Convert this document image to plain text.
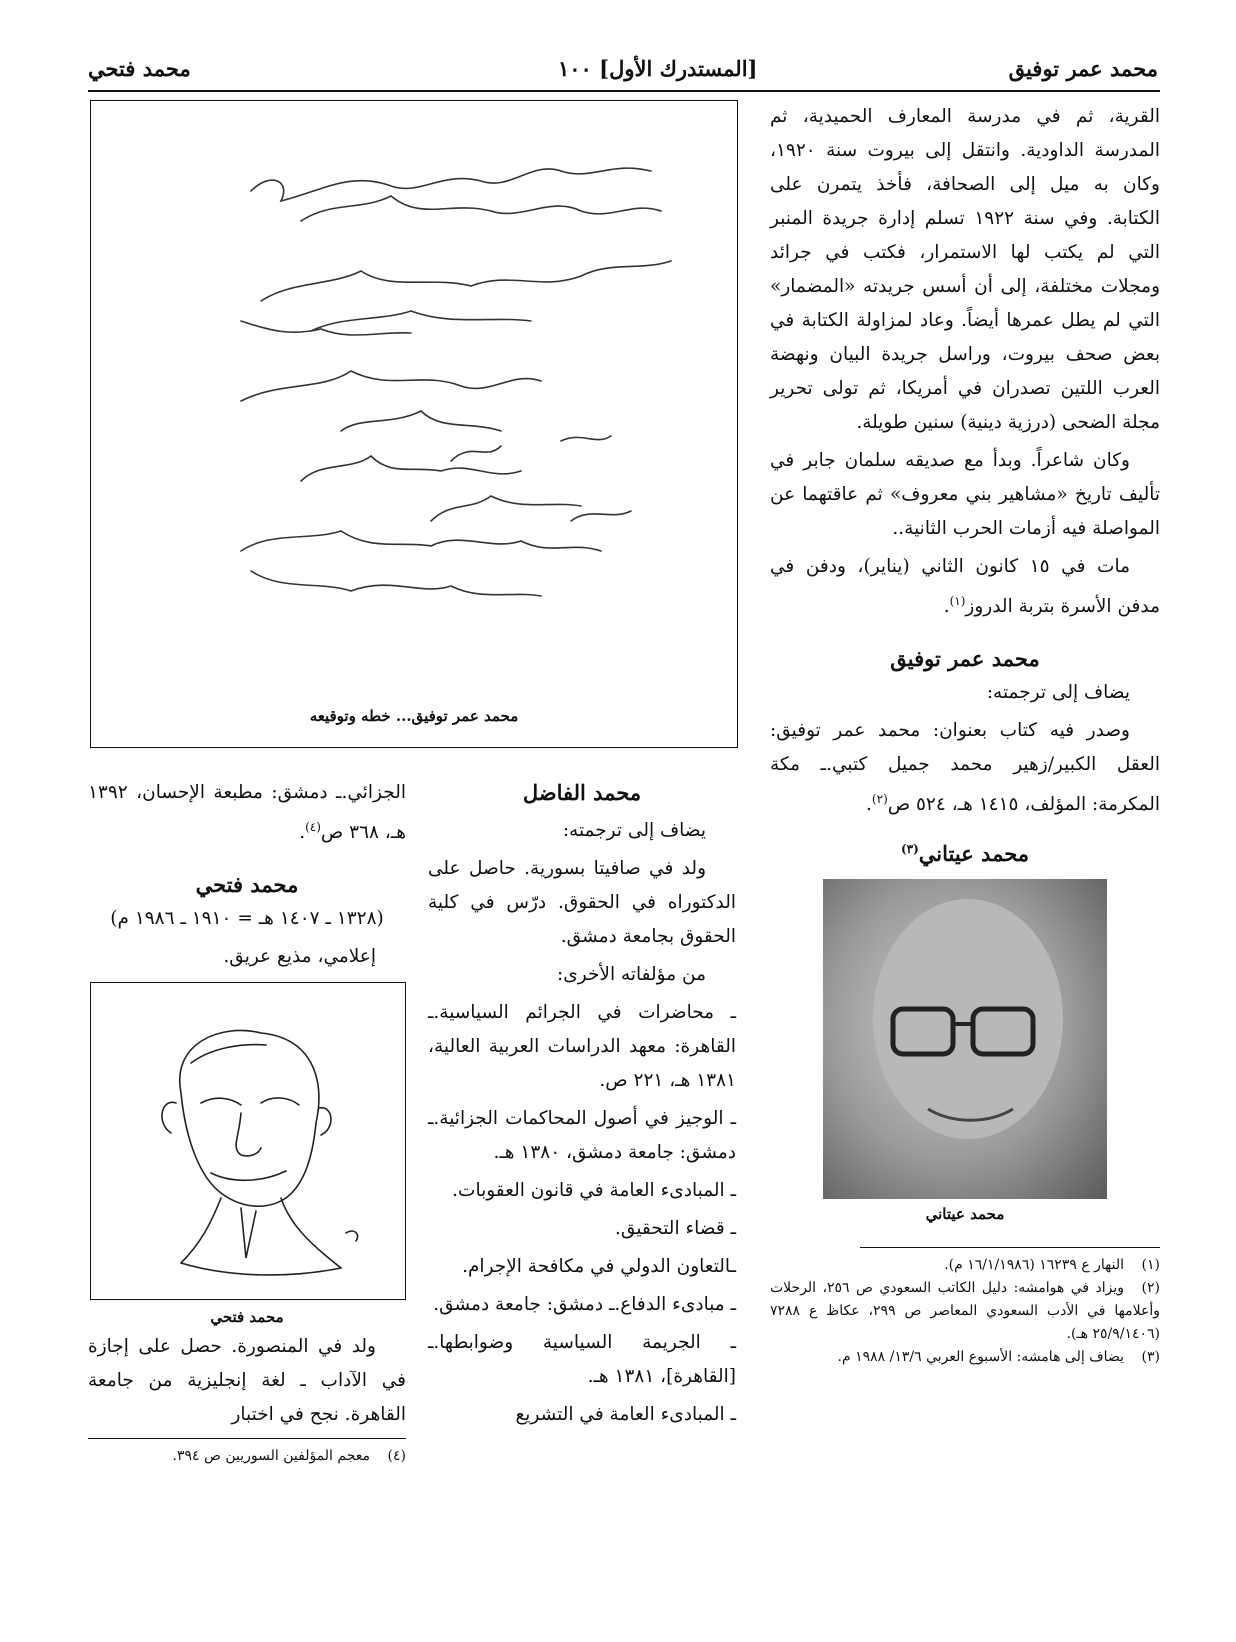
محمد عمر توفيق
[المستدرك الأول] ١٠٠
محمد فتحي
محمد عمر توفيق... خطه وتوقيعه

القرية، ثم في مدرسة المعارف الحميدية، ثم المدرسة الداودية. وانتقل إلى بيروت سنة ١٩٢٠، وكان به ميل إلى الصحافة، فأخذ يتمرن على الكتابة. وفي سنة ١٩٢٢ تسلم إدارة جريدة المنبر التي لم يكتب لها الاستمرار، فكتب في جرائد ومجلات مختلفة، إلى أن أسس جريدته «المضمار» التي لم يطل عمرها أيضاً. وعاد لمزاولة الكتابة في بعض صحف بيروت، وراسل جريدة البيان ونهضة العرب اللتين تصدران في أمريكا، ثم تولى تحرير مجلة الضحى (درزية دينية) سنين طويلة.

وكان شاعراً. وبدأ مع صديقه سلمان جابر في تأليف تاريخ «مشاهير بني معروف» ثم عاقتهما عن المواصلة فيه أزمات الحرب الثانية..

مات في ١٥ كانون الثاني (يناير)، ودفن في مدفن الأسرة بتربة الدروز$^{(١)}$.

محمد عمر توفيق

يضاف إلى ترجمته:

وصدر فيه كتاب بعنوان: محمد عمر توفيق: العقل الكبير/زهير محمد جميل كتبي.ـ مكة المكرمة: المؤلف، ١٤١٥ هـ، ٥٢٤ ص$^{(٢)}$.

محمد عيتاني$^{(٣)}$
محمد عيتاني

(١)النهار ع ١٦٢٣٩ (١٦/١/١٩٨٦ م).

(٢)ويزاد في هوامشه: دليل الكاتب السعودي ص ٢٥٦، الرحلات وأعلامها في الأدب السعودي المعاصر ص ٢٩٩، عكاظ ع ٧٢٨٨ (٢٥/٩/١٤٠٦ هـ).

(٣)يضاف إلى هامشه: الأسبوع العربي ١٣/٦/ ١٩٨٨ م.

محمد الفاضل

يضاف إلى ترجمته:

ولد في صافيتا بسورية. حاصل على الدكتوراه في الحقوق. درّس في كلية الحقوق بجامعة دمشق.

من مؤلفاته الأخرى:

ـ محاضرات في الجرائم السياسية.ـ القاهرة: معهد الدراسات العربية العالية، ١٣٨١ هـ، ٢٢١ ص.

ـ الوجيز في أصول المحاكمات الجزائية.ـ دمشق: جامعة دمشق، ١٣٨٠ هـ.

ـ المبادىء العامة في قانون العقوبات.

ـ قضاء التحقيق.

ـالتعاون الدولي في مكافحة الإجرام.

ـ مبادىء الدفاع.ـ دمشق: جامعة دمشق.

ـ الجريمة السياسية وضوابطها.ـ [القاهرة]، ١٣٨١ هـ.

ـ المبادىء العامة في التشريع

الجزائي.ـ دمشق: مطبعة الإحسان، ١٣٩٢ هـ، ٣٦٨ ص$^{(٤)}$.

محمد فتحي

(١٣٢٨ ـ ١٤٠٧ هـ = ١٩١٠ ـ ١٩٨٦ م)

إعلامي، مذيع عريق.

محمد فتحي

ولد في المنصورة. حصل على إجازة في الآداب ـ لغة إنجليزية من جامعة القاهرة. نجح في اختبار

(٤)معجم المؤلفين السوريين ص ٣٩٤.
